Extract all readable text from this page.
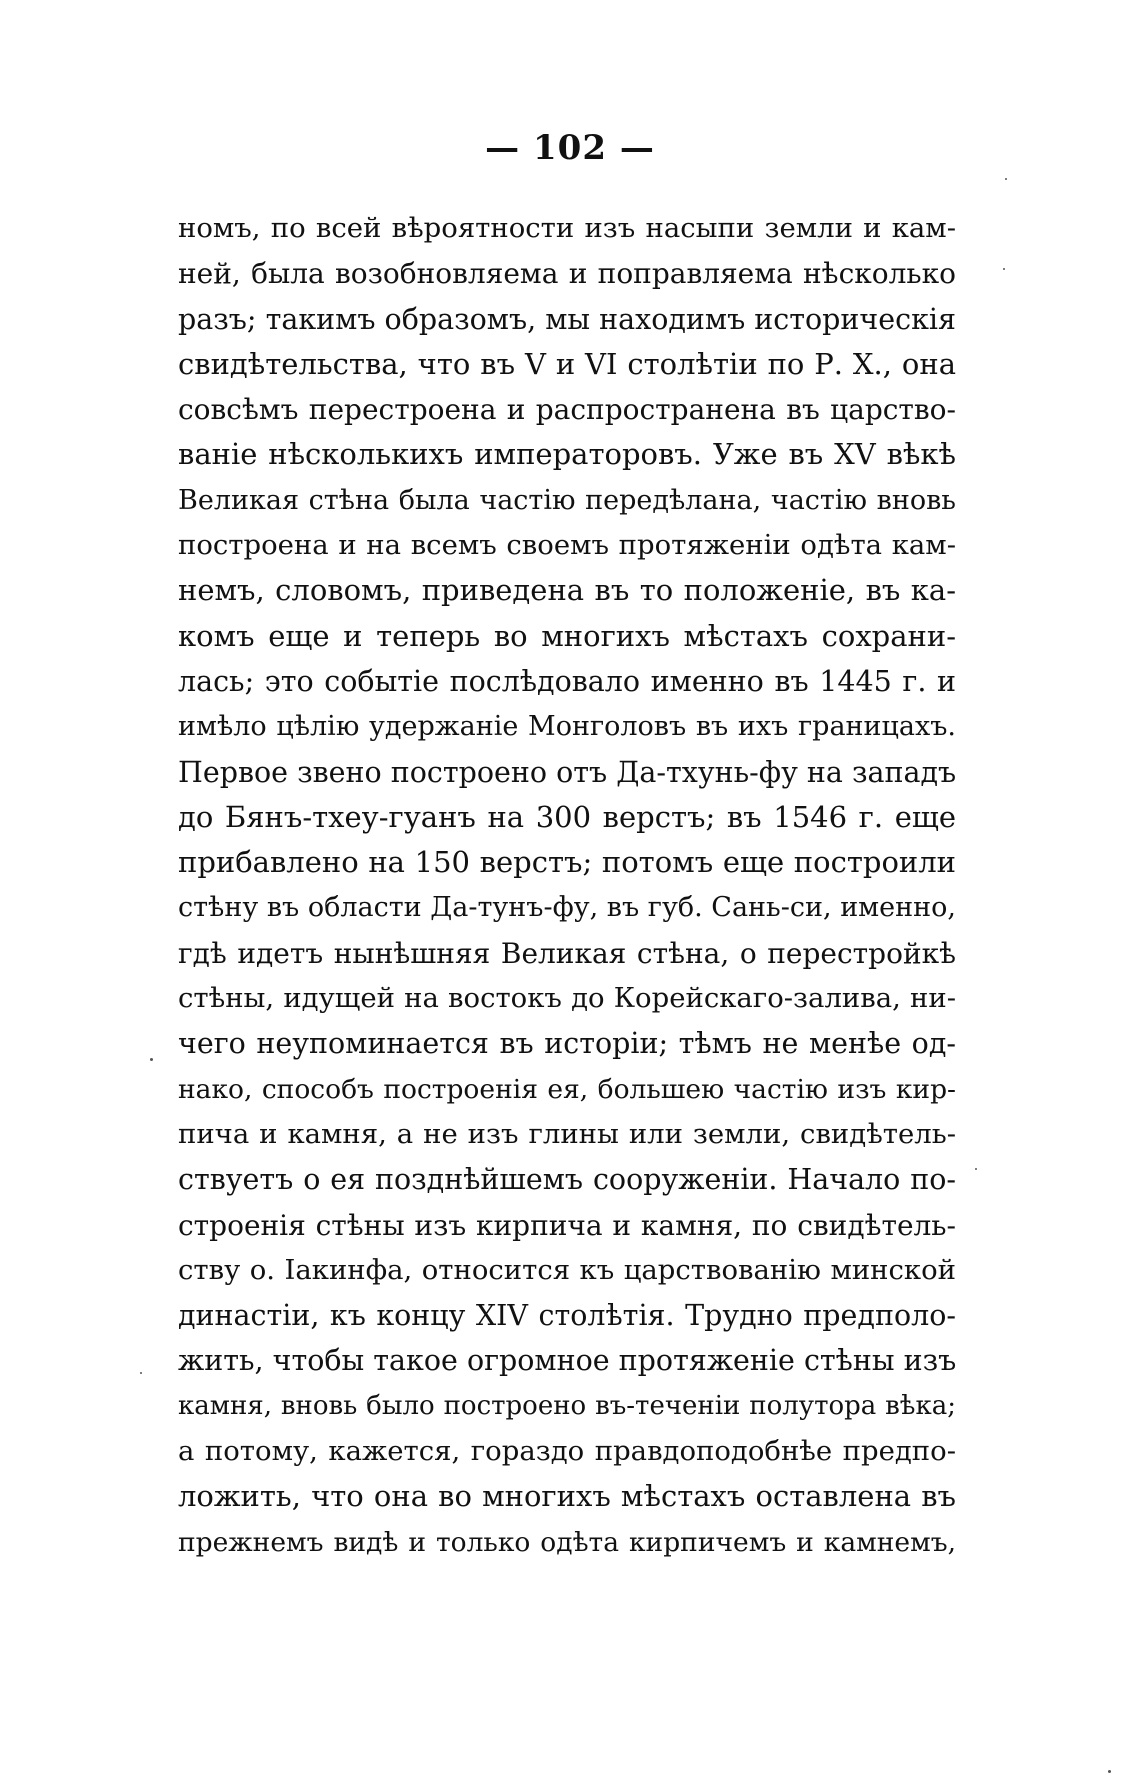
— 102 —
номъ, по всей вѣроятности изъ насыпи земли и кам-
ней, была возобновляема и поправляема нѣсколько
разъ; такимъ образомъ, мы находимъ историческія
свидѣтельства, что въ V и VI столѣтіи по Р. X., она
совсѣмъ перестроена и распространена въ царство-
ваніе нѣсколькихъ императоровъ. Уже въ XV вѣкѣ
Великая стѣна была частію передѣлана, частію вновь
построена и на всемъ своемъ протяженіи одѣта кам-
немъ, словомъ, приведена въ то положеніе, въ ка-
комъ еще и теперь во многихъ мѣстахъ сохрани-
лась; это событіе послѣдовало именно въ 1445 г. и
имѣло цѣлію удержаніе Монголовъ въ ихъ границахъ.
Первое звено построено отъ Да-тхунь-фу на западъ
до Бянъ-тхеу-гуанъ на 300 верстъ; въ 1546 г. еще
прибавлено на 150 верстъ; потомъ еще построили
стѣну въ области Да-тунъ-фу, въ губ. Сань-си, именно,
гдѣ идетъ нынѣшняя Великая стѣна, о перестройкѣ
стѣны, идущей на востокъ до Корейскаго-залива, ни-
чего неупоминается въ исторіи; тѣмъ не менѣе од-
нако, способъ построенія ея, большею частію изъ кир-
пича и камня, а не изъ глины или земли, свидѣтель-
ствуетъ о ея позднѣйшемъ сооруженіи. Начало по-
строенія стѣны изъ кирпича и камня, по свидѣтель-
ству о. Іакинфа, относится къ царствованію минской
династіи, къ концу XIV столѣтія. Трудно предполо-
жить, чтобы такое огромное протяженіе стѣны изъ
камня, вновь было построено въ-теченіи полутора вѣка;
а потому, кажется, гораздо правдоподобнѣе предпо-
ложить, что она во многихъ мѣстахъ оставлена въ
прежнемъ видѣ и только одѣта кирпичемъ и камнемъ,
